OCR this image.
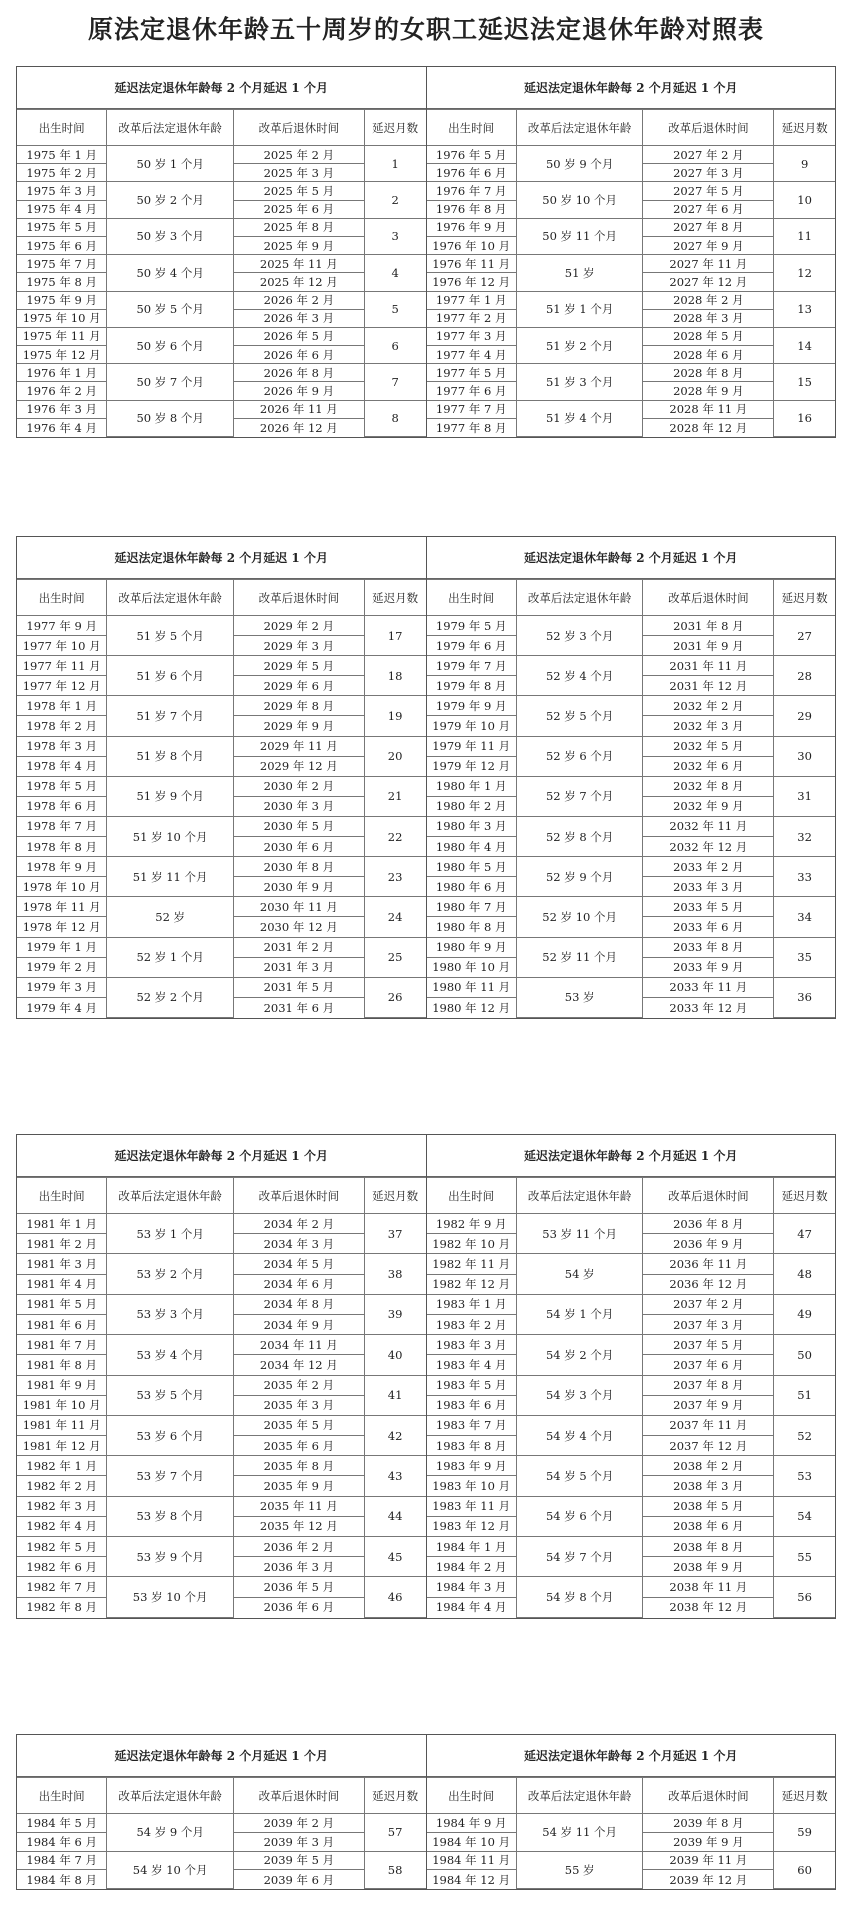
原法定退休年龄五十周岁的女职工延迟法定退休年龄对照表
延迟法定退休年龄每 2 个月延迟 1 个月
出生时间	改革后法定退休年龄	改革后退休时间	延迟月数
1975 年 1 月	50 岁 1 个月	2025 年 2 月	1
1975 年 2 月		2025 年 3 月	
1975 年 3 月	50 岁 2 个月	2025 年 5 月	2
1975 年 4 月		2025 年 6 月	
1975 年 5 月	50 岁 3 个月	2025 年 8 月	3
1975 年 6 月		2025 年 9 月	
1975 年 7 月	50 岁 4 个月	2025 年 11 月	4
1975 年 8 月		2025 年 12 月	
1975 年 9 月	50 岁 5 个月	2026 年 2 月	5
1975 年 10 月		2026 年 3 月	
1975 年 11 月	50 岁 6 个月	2026 年 5 月	6
1975 年 12 月		2026 年 6 月	
1976 年 1 月	50 岁 7 个月	2026 年 8 月	7
1976 年 2 月		2026 年 9 月	
1976 年 3 月	50 岁 8 个月	2026 年 11 月	8
1976 年 4 月		2026 年 12 月	
延迟法定退休年龄每 2 个月延迟 1 个月
出生时间	改革后法定退休年龄	改革后退休时间	延迟月数
1976 年 5 月	50 岁 9 个月	2027 年 2 月	9
1976 年 6 月		2027 年 3 月	
1976 年 7 月	50 岁 10 个月	2027 年 5 月	10
1976 年 8 月		2027 年 6 月	
1976 年 9 月	50 岁 11 个月	2027 年 8 月	11
1976 年 10 月		2027 年 9 月	
1976 年 11 月	51 岁	2027 年 11 月	12
1976 年 12 月		2027 年 12 月	
1977 年 1 月	51 岁 1 个月	2028 年 2 月	13
1977 年 2 月		2028 年 3 月	
1977 年 3 月	51 岁 2 个月	2028 年 5 月	14
1977 年 4 月		2028 年 6 月	
1977 年 5 月	51 岁 3 个月	2028 年 8 月	15
1977 年 6 月		2028 年 9 月	
1977 年 7 月	51 岁 4 个月	2028 年 11 月	16
1977 年 8 月		2028 年 12 月	
延迟法定退休年龄每 2 个月延迟 1 个月
出生时间	改革后法定退休年龄	改革后退休时间	延迟月数
1977 年 9 月	51 岁 5 个月	2029 年 2 月	17
1977 年 10 月		2029 年 3 月	
1977 年 11 月	51 岁 6 个月	2029 年 5 月	18
1977 年 12 月		2029 年 6 月	
1978 年 1 月	51 岁 7 个月	2029 年 8 月	19
1978 年 2 月		2029 年 9 月	
1978 年 3 月	51 岁 8 个月	2029 年 11 月	20
1978 年 4 月		2029 年 12 月	
1978 年 5 月	51 岁 9 个月	2030 年 2 月	21
1978 年 6 月		2030 年 3 月	
1978 年 7 月	51 岁 10 个月	2030 年 5 月	22
1978 年 8 月		2030 年 6 月	
1978 年 9 月	51 岁 11 个月	2030 年 8 月	23
1978 年 10 月		2030 年 9 月	
1978 年 11 月	52 岁	2030 年 11 月	24
1978 年 12 月		2030 年 12 月	
1979 年 1 月	52 岁 1 个月	2031 年 2 月	25
1979 年 2 月		2031 年 3 月	
1979 年 3 月	52 岁 2 个月	2031 年 5 月	26
1979 年 4 月		2031 年 6 月	
延迟法定退休年龄每 2 个月延迟 1 个月
出生时间	改革后法定退休年龄	改革后退休时间	延迟月数
1979 年 5 月	52 岁 3 个月	2031 年 8 月	27
1979 年 6 月		2031 年 9 月	
1979 年 7 月	52 岁 4 个月	2031 年 11 月	28
1979 年 8 月		2031 年 12 月	
1979 年 9 月	52 岁 5 个月	2032 年 2 月	29
1979 年 10 月		2032 年 3 月	
1979 年 11 月	52 岁 6 个月	2032 年 5 月	30
1979 年 12 月		2032 年 6 月	
1980 年 1 月	52 岁 7 个月	2032 年 8 月	31
1980 年 2 月		2032 年 9 月	
1980 年 3 月	52 岁 8 个月	2032 年 11 月	32
1980 年 4 月		2032 年 12 月	
1980 年 5 月	52 岁 9 个月	2033 年 2 月	33
1980 年 6 月		2033 年 3 月	
1980 年 7 月	52 岁 10 个月	2033 年 5 月	34
1980 年 8 月		2033 年 6 月	
1980 年 9 月	52 岁 11 个月	2033 年 8 月	35
1980 年 10 月		2033 年 9 月	
1980 年 11 月	53 岁	2033 年 11 月	36
1980 年 12 月		2033 年 12 月	
延迟法定退休年龄每 2 个月延迟 1 个月
出生时间	改革后法定退休年龄	改革后退休时间	延迟月数
1981 年 1 月	53 岁 1 个月	2034 年 2 月	37
1981 年 2 月		2034 年 3 月	
1981 年 3 月	53 岁 2 个月	2034 年 5 月	38
1981 年 4 月		2034 年 6 月	
1981 年 5 月	53 岁 3 个月	2034 年 8 月	39
1981 年 6 月		2034 年 9 月	
1981 年 7 月	53 岁 4 个月	2034 年 11 月	40
1981 年 8 月		2034 年 12 月	
1981 年 9 月	53 岁 5 个月	2035 年 2 月	41
1981 年 10 月		2035 年 3 月	
1981 年 11 月	53 岁 6 个月	2035 年 5 月	42
1981 年 12 月		2035 年 6 月	
1982 年 1 月	53 岁 7 个月	2035 年 8 月	43
1982 年 2 月		2035 年 9 月	
1982 年 3 月	53 岁 8 个月	2035 年 11 月	44
1982 年 4 月		2035 年 12 月	
1982 年 5 月	53 岁 9 个月	2036 年 2 月	45
1982 年 6 月		2036 年 3 月	
1982 年 7 月	53 岁 10 个月	2036 年 5 月	46
1982 年 8 月		2036 年 6 月	
延迟法定退休年龄每 2 个月延迟 1 个月
出生时间	改革后法定退休年龄	改革后退休时间	延迟月数
1982 年 9 月	53 岁 11 个月	2036 年 8 月	47
1982 年 10 月		2036 年 9 月	
1982 年 11 月	54 岁	2036 年 11 月	48
1982 年 12 月		2036 年 12 月	
1983 年 1 月	54 岁 1 个月	2037 年 2 月	49
1983 年 2 月		2037 年 3 月	
1983 年 3 月	54 岁 2 个月	2037 年 5 月	50
1983 年 4 月		2037 年 6 月	
1983 年 5 月	54 岁 3 个月	2037 年 8 月	51
1983 年 6 月		2037 年 9 月	
1983 年 7 月	54 岁 4 个月	2037 年 11 月	52
1983 年 8 月		2037 年 12 月	
1983 年 9 月	54 岁 5 个月	2038 年 2 月	53
1983 年 10 月		2038 年 3 月	
1983 年 11 月	54 岁 6 个月	2038 年 5 月	54
1983 年 12 月		2038 年 6 月	
1984 年 1 月	54 岁 7 个月	2038 年 8 月	55
1984 年 2 月		2038 年 9 月	
1984 年 3 月	54 岁 8 个月	2038 年 11 月	56
1984 年 4 月		2038 年 12 月	
延迟法定退休年龄每 2 个月延迟 1 个月
出生时间	改革后法定退休年龄	改革后退休时间	延迟月数
1984 年 5 月	54 岁 9 个月	2039 年 2 月	57
1984 年 6 月		2039 年 3 月	
1984 年 7 月	54 岁 10 个月	2039 年 5 月	58
1984 年 8 月		2039 年 6 月	
延迟法定退休年龄每 2 个月延迟 1 个月
出生时间	改革后法定退休年龄	改革后退休时间	延迟月数
1984 年 9 月	54 岁 11 个月	2039 年 8 月	59
1984 年 10 月		2039 年 9 月	
1984 年 11 月	55 岁	2039 年 11 月	60
1984 年 12 月		2039 年 12 月	
